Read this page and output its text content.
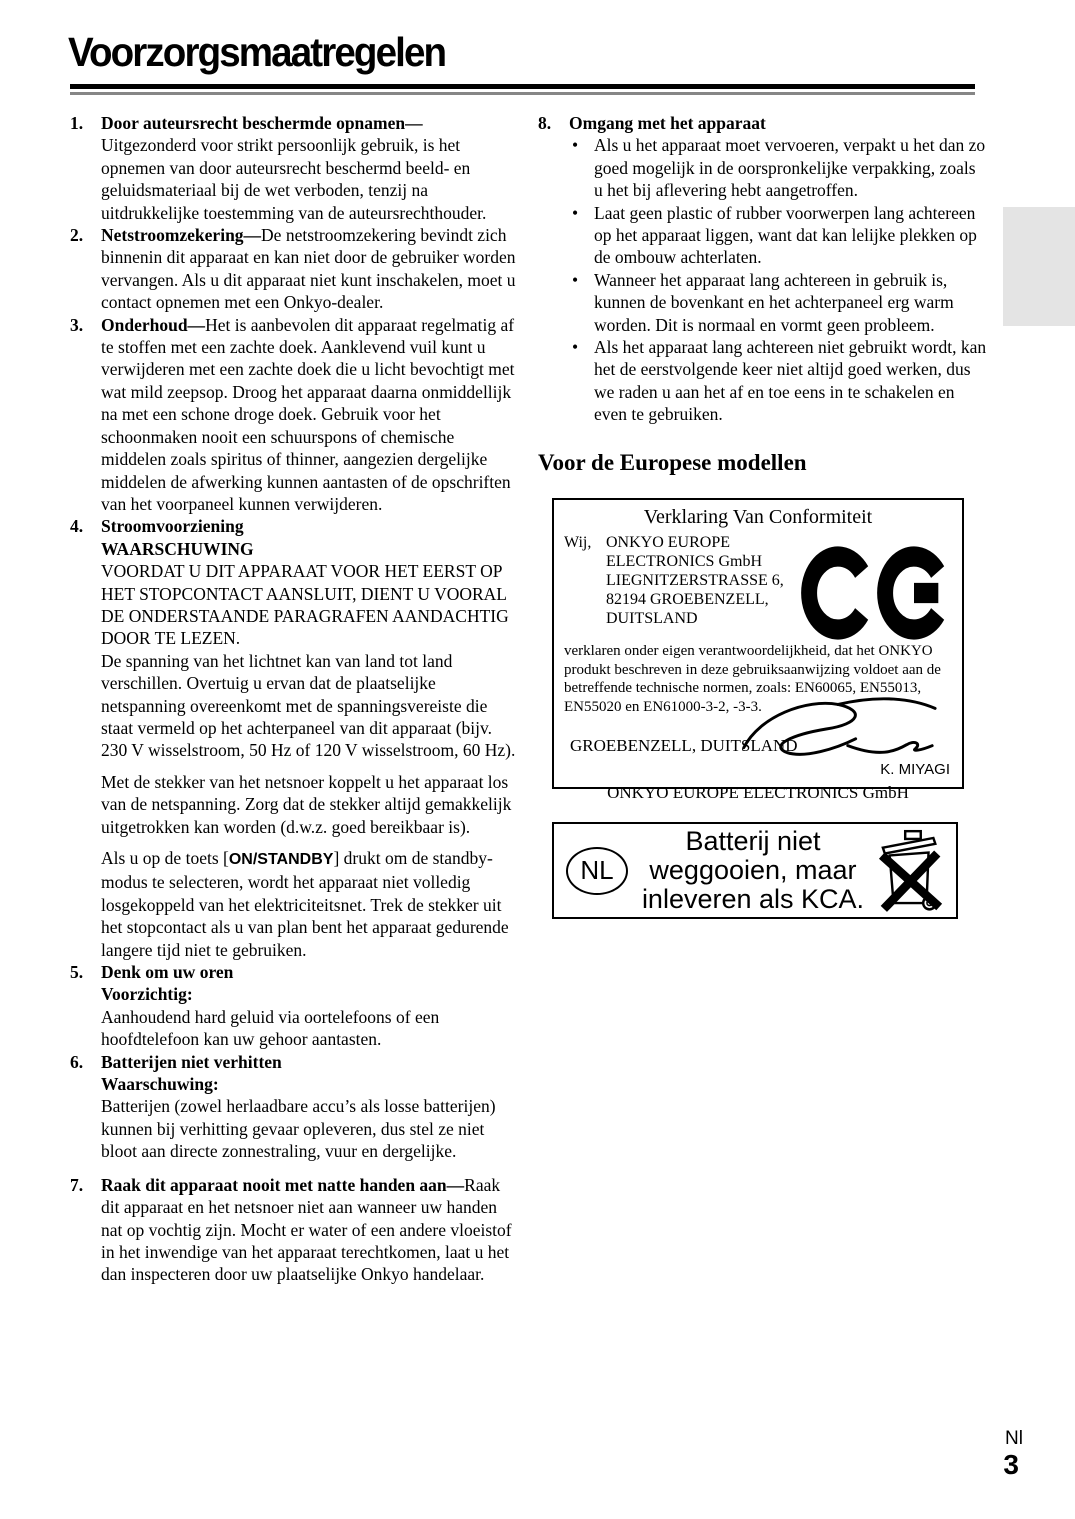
Voorzorgsmaatregelen
1.	Door auteursrecht beschermde opnamen—Uitgezonderd voor strikt persoonlijk gebruik, is het opnemen van door auteursrecht beschermd beeld- en geluidsmateriaal bij de wet verboden, tenzij na uitdrukkelijke toestemming van de auteursrechthouder.
2.	Netstroomzekering—De netstroomzekering bevindt zich binnenin dit apparaat en kan niet door de gebruiker worden vervangen. Als u dit apparaat niet kunt inschakelen, moet u contact opnemen met een Onkyo-dealer.
3.	Onderhoud—Het is aanbevolen dit apparaat regelmatig af te stoffen met een zachte doek. Aanklevend vuil kunt u verwijderen met een zachte doek die u licht bevochtigt met wat mild zeepsop. Droog het apparaat daarna onmiddellijk na met een schone droge doek. Gebruik voor het schoonmaken nooit een schuurspons of chemische middelen zoals spiritus of thinner, aangezien dergelijke middelen de afwerking kunnen aantasten of de opschriften van het voorpaneel kunnen verwijderen.
4.	Stroomvoorziening
WAARSCHUWING
VOORDAT U DIT APPARAAT VOOR HET EERST OP HET STOPCONTACT AANSLUIT, DIENT U VOORAL DE ONDERSTAANDE PARAGRAFEN AANDACHTIG DOOR TE LEZEN.
De spanning van het lichtnet kan van land tot land verschillen. Overtuig u ervan dat de plaatselijke netspanning overeenkomt met de spanningsvereiste die staat vermeld op het achterpaneel van dit apparaat (bijv. 230 V wisselstroom, 50 Hz of 120 V wisselstroom, 60 Hz).
Met de stekker van het netsnoer koppelt u het apparaat los van de netspanning. Zorg dat de stekker altijd gemakkelijk uitgetrokken kan worden (d.w.z. goed bereikbaar is).
Als u op de toets [ON/STANDBY] drukt om de standby-modus te selecteren, wordt het apparaat niet volledig losgekoppeld van het elektriciteitsnet. Trek de stekker uit het stopcontact als u van plan bent het apparaat gedurende langere tijd niet te gebruiken.
5.	Denk om uw oren
Voorzichtig:
Aanhoudend hard geluid via oortelefoons of een hoofdtelefoon kan uw gehoor aantasten.
6.	Batterijen niet verhitten
Waarschuwing:
Batterijen (zowel herlaadbare accu’s als losse batterijen) kunnen bij verhitting gevaar opleveren, dus stel ze niet bloot aan directe zonnestraling, vuur en dergelijke.
7.	Raak dit apparaat nooit met natte handen aan—Raak dit apparaat en het netsnoer niet aan wanneer uw handen nat op vochtig zijn. Mocht er water of een andere vloeistof in het inwendige van het apparaat terechtkomen, laat u het dan inspecteren door uw plaatselijke Onkyo handelaar.
8.	Omgang met het apparaat
• Als u het apparaat moet vervoeren, verpakt u het dan zo goed mogelijk in de oorspronkelijke verpakking, zoals u het bij aflevering hebt aangetroffen.
• Laat geen plastic of rubber voorwerpen lang achtereen op het apparaat liggen, want dat kan lelijke plekken op de ombouw achterlaten.
• Wanneer het apparaat lang achtereen in gebruik is, kunnen de bovenkant en het achterpaneel erg warm worden. Dit is normaal en vormt geen probleem.
• Als het apparaat lang achtereen niet gebruikt wordt, kan het de eerstvolgende keer niet altijd goed werken, dus we raden u aan het af en toe eens in te schakelen en even te gebruiken.
Voor de Europese modellen
Verklaring Van Conformiteit
Wij, ONKYO EUROPE
ELECTRONICS GmbH
LIEGNITZERSTRASSE 6,
82194 GROEBENZELL,
DUITSLAND
verklaren onder eigen verantwoordelijkheid, dat het ONKYO produkt beschreven in deze gebruiksaanwijzing voldoet aan de betreffende technische normen, zoals: EN60065, EN55013, EN55020 en EN61000-3-2, -3-3.
GROEBENZELL, DUITSLAND
K. MIYAGI
ONKYO EUROPE ELECTRONICS GmbH
NL
Batterij niet
weggooien, maar
inleveren als KCA.
Nl
3
